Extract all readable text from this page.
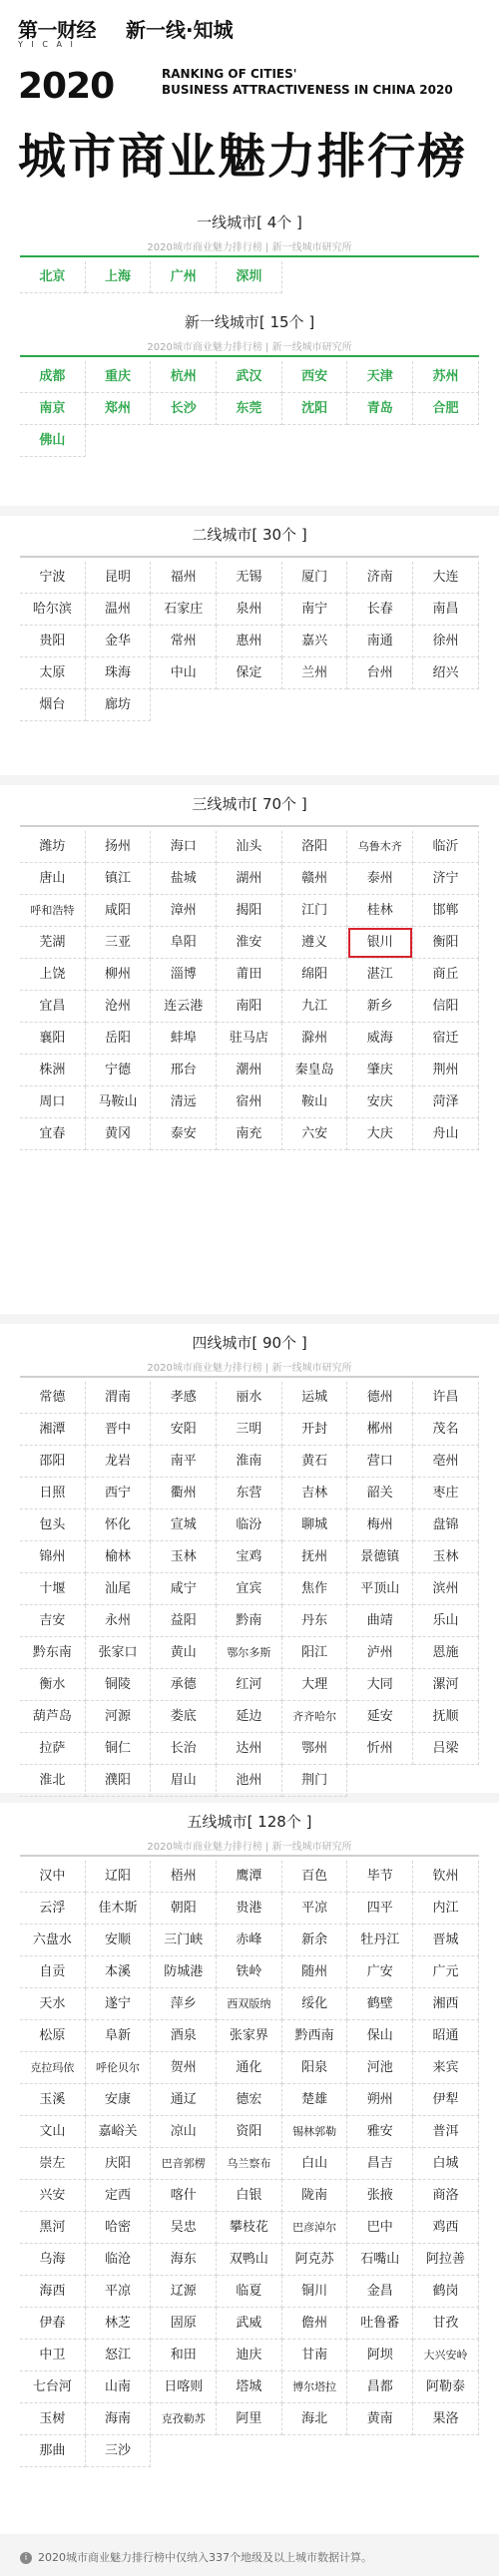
第一财经
Y I C A I
新一线·知城
2020	RANKING OF CITIES'
BUSINESS ATTRACTIVENESS IN CHINA 2020
城市商业魅力排行榜
一线城市[ 4个 ]
2020城市商业魅力排行榜 | 新一线城市研究所
北京	上海	广州	深圳
新一线城市[ 15个 ]
2020城市商业魅力排行榜 | 新一线城市研究所
成都	重庆	杭州	武汉	西安	天津	苏州
南京	郑州	长沙	东莞	沈阳	青岛	合肥
佛山
二线城市[ 30个 ]
宁波	昆明	福州	无锡	厦门	济南	大连
哈尔滨	温州	石家庄	泉州	南宁	长春	南昌
贵阳	金华	常州	惠州	嘉兴	南通	徐州
太原	珠海	中山	保定	兰州	台州	绍兴
烟台	廊坊
三线城市[ 70个 ]
潍坊	扬州	海口	汕头	洛阳	乌鲁木齐	临沂
唐山	镇江	盐城	湖州	赣州	泰州	济宁
呼和浩特	咸阳	漳州	揭阳	江门	桂林	邯郸
芜湖	三亚	阜阳	淮安	遵义	银川	衡阳
上饶	柳州	淄博	莆田	绵阳	湛江	商丘
宜昌	沧州	连云港	南阳	九江	新乡	信阳
襄阳	岳阳	蚌埠	驻马店	滁州	威海	宿迁
株洲	宁德	邢台	潮州	秦皇岛	肇庆	荆州
周口	马鞍山	清远	宿州	鞍山	安庆	菏泽
宜春	黄冈	泰安	南充	六安	大庆	舟山
四线城市[ 90个 ]
2020城市商业魅力排行榜 | 新一线城市研究所
常德	渭南	孝感	丽水	运城	德州	许昌
湘潭	晋中	安阳	三明	开封	郴州	茂名
邵阳	龙岩	南平	淮南	黄石	营口	亳州
日照	西宁	衢州	东营	吉林	韶关	枣庄
包头	怀化	宣城	临汾	聊城	梅州	盘锦
锦州	榆林	玉林	宝鸡	抚州	景德镇	玉林
十堰	汕尾	咸宁	宜宾	焦作	平顶山	滨州
吉安	永州	益阳	黔南	丹东	曲靖	乐山
黔东南	张家口	黄山	鄂尔多斯	阳江	泸州	恩施
衡水	铜陵	承德	红河	大理	大同	漯河
葫芦岛	河源	娄底	延边	齐齐哈尔	延安	抚顺
拉萨	铜仁	长治	达州	鄂州	忻州	吕梁
淮北	濮阳	眉山	池州	荆门
五线城市[ 128个 ]
2020城市商业魅力排行榜 | 新一线城市研究所
汉中	辽阳	梧州	鹰潭	百色	毕节	钦州
云浮	佳木斯	朝阳	贵港	平凉	四平	内江
六盘水	安顺	三门峡	赤峰	新余	牡丹江	晋城
自贡	本溪	防城港	铁岭	随州	广安	广元
天水	遂宁	萍乡	西双版纳	绥化	鹤壁	湘西
松原	阜新	酒泉	张家界	黔西南	保山	昭通
克拉玛依	呼伦贝尔	贺州	通化	阳泉	河池	来宾
玉溪	安康	通辽	德宏	楚雄	朔州	伊犁
文山	嘉峪关	凉山	资阳	锡林郭勒	雅安	普洱
崇左	庆阳	巴音郭楞	乌兰察布	白山	昌吉	白城
兴安	定西	喀什	白银	陇南	张掖	商洛
黑河	哈密	吴忠	攀枝花	巴彦淖尔	巴中	鸡西
乌海	临沧	海东	双鸭山	阿克苏	石嘴山	阿拉善
海西	平凉	辽源	临夏	铜川	金昌	鹤岗
伊春	林芝	固原	武威	儋州	吐鲁番	甘孜
中卫	怒江	和田	迪庆	甘南	阿坝	大兴安岭
七台河	山南	日喀则	塔城	博尔塔拉	昌都	阿勒泰
玉树	海南	克孜勒苏	阿里	海北	黄南	果洛
那曲	三沙
i 2020城市商业魅力排行榜中仅纳入337个地级及以上城市数据计算。
